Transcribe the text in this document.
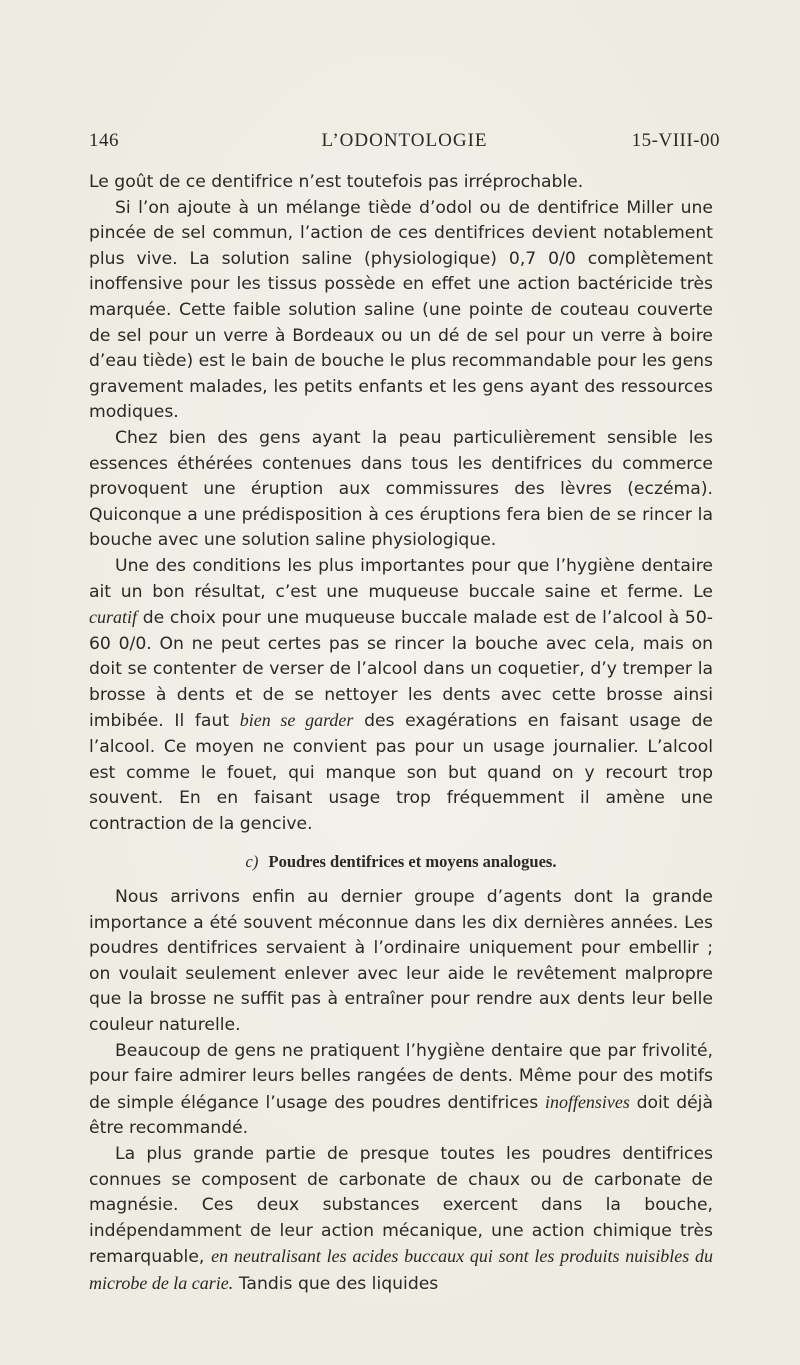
146	L’ODONTOLOGIE	15-VIII-00

Le goût de ce dentifrice n’est toutefois pas irréprochable.

Si l’on ajoute à un mélange tiède d’odol ou de dentifrice Miller une pincée de sel commun, l’action de ces dentifrices devient notablement plus vive. La solution saline (physiologique) 0,7 0/0 complètement inoffensive pour les tissus possède en effet une action bactéricide très marquée. Cette faible solution saline (une pointe de couteau couverte de sel pour un verre à Bordeaux ou un dé de sel pour un verre à boire d’eau tiède) est le bain de bouche le plus recommandable pour les gens gravement malades, les petits enfants et les gens ayant des ressources modiques.

Chez bien des gens ayant la peau particulièrement sensible les essences éthérées contenues dans tous les dentifrices du commerce provoquent une éruption aux commissures des lèvres (eczéma). Quiconque a une prédisposition à ces éruptions fera bien de se rincer la bouche avec une solution saline physiologique.

Une des conditions les plus importantes pour que l’hygiène dentaire ait un bon résultat, c’est une muqueuse buccale saine et ferme. Le curatif de choix pour une muqueuse buccale malade est de l’alcool à 50-60 0/0. On ne peut certes pas se rincer la bouche avec cela, mais on doit se contenter de verser de l’alcool dans un coquetier, d’y tremper la brosse à dents et de se nettoyer les dents avec cette brosse ainsi imbibée. Il faut bien se garder des exagérations en faisant usage de l’alcool. Ce moyen ne convient pas pour un usage journalier. L’alcool est comme le fouet, qui manque son but quand on y recourt trop souvent. En en faisant usage trop fréquemment il amène une contraction de la gencive.

c) Poudres dentifrices et moyens analogues.

Nous arrivons enfin au dernier groupe d’agents dont la grande importance a été souvent méconnue dans les dix dernières années. Les poudres dentifrices servaient à l’ordinaire uniquement pour embellir ; on voulait seulement enlever avec leur aide le revêtement malpropre que la brosse ne suffit pas à entraîner pour rendre aux dents leur belle couleur naturelle.

Beaucoup de gens ne pratiquent l’hygiène dentaire que par frivolité, pour faire admirer leurs belles rangées de dents. Même pour des motifs de simple élégance l’usage des poudres dentifrices inoffensives doit déjà être recommandé.

La plus grande partie de presque toutes les poudres dentifrices connues se composent de carbonate de chaux ou de carbonate de magnésie. Ces deux substances exercent dans la bouche, indépendamment de leur action mécanique, une action chimique très remarquable, en neutralisant les acides buccaux qui sont les produits nuisibles du microbe de la carie. Tandis que des liquides
